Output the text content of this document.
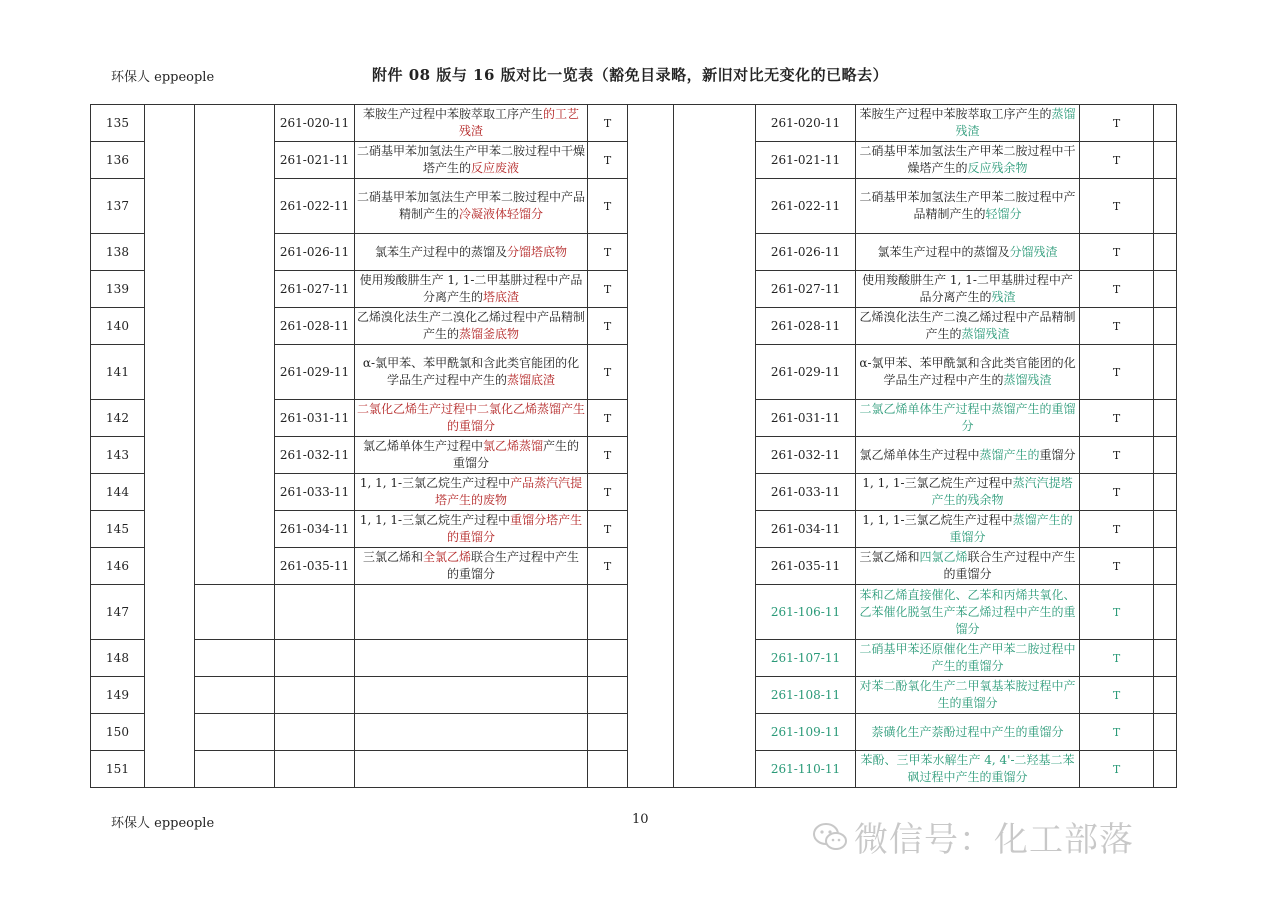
环保人 eppeople	附件 08 版与 16 版对比一览表（豁免目录略，新旧对比无变化的已略去）
135			261-020-11	苯胺生产过程中苯胺萃取工序产生的工艺残渣	T			261-020-11	苯胺生产过程中苯胺萃取工序产生的蒸馏残渣	T	
136			261-021-11	二硝基甲苯加氢法生产甲苯二胺过程中干燥塔产生的反应废液	T			261-021-11	二硝基甲苯加氢法生产甲苯二胺过程中干燥塔产生的反应残余物	T	
137			261-022-11	二硝基甲苯加氢法生产甲苯二胺过程中产品精制产生的冷凝液体轻馏分	T			261-022-11	二硝基甲苯加氢法生产甲苯二胺过程中产品精制产生的轻馏分	T	
138			261-026-11	氯苯生产过程中的蒸馏及分馏塔底物	T			261-026-11	氯苯生产过程中的蒸馏及分馏残渣	T	
139			261-027-11	使用羧酸肼生产 1, 1-二甲基肼过程中产品分离产生的塔底渣	T			261-027-11	使用羧酸肼生产 1, 1-二甲基肼过程中产品分离产生的残渣	T	
140			261-028-11	乙烯溴化法生产二溴化乙烯过程中产品精制产生的蒸馏釜底物	T			261-028-11	乙烯溴化法生产二溴乙烯过程中产品精制产生的蒸馏残渣	T	
141			261-029-11	α-氯甲苯、苯甲酰氯和含此类官能团的化学品生产过程中产生的蒸馏底渣	T			261-029-11	α-氯甲苯、苯甲酰氯和含此类官能团的化学品生产过程中产生的蒸馏残渣	T	
142			261-031-11	二氯化乙烯生产过程中二氯化乙烯蒸馏产生的重馏分	T			261-031-11	二氯乙烯单体生产过程中蒸馏产生的重馏分	T	
143			261-032-11	氯乙烯单体生产过程中氯乙烯蒸馏产生的重馏分	T			261-032-11	氯乙烯单体生产过程中蒸馏产生的重馏分	T	
144			261-033-11	1, 1, 1-三氯乙烷生产过程中产品蒸汽汽提塔产生的废物	T			261-033-11	1, 1, 1-三氯乙烷生产过程中蒸汽汽提塔产生的残余物	T	
145			261-034-11	1, 1, 1-三氯乙烷生产过程中重馏分塔产生的重馏分	T			261-034-11	1, 1, 1-三氯乙烷生产过程中蒸馏产生的重馏分	T	
146			261-035-11	三氯乙烯和全氯乙烯联合生产过程中产生的重馏分	T			261-035-11	三氯乙烯和四氯乙烯联合生产过程中产生的重馏分	T	
147								261-106-11	苯和乙烯直接催化、乙苯和丙烯共氧化、乙苯催化脱氢生产苯乙烯过程中产生的重馏分	T	
148								261-107-11	二硝基甲苯还原催化生产甲苯二胺过程中产生的重馏分	T	
149								261-108-11	对苯二酚氧化生产二甲氧基苯胺过程中产生的重馏分	T	
150								261-109-11	萘磺化生产萘酚过程中产生的重馏分	T	
151								261-110-11	苯酚、三甲苯水解生产 4, 4'-二羟基二苯砜过程中产生的重馏分	T	
环保人 eppeople	10
微信号：化工部落
